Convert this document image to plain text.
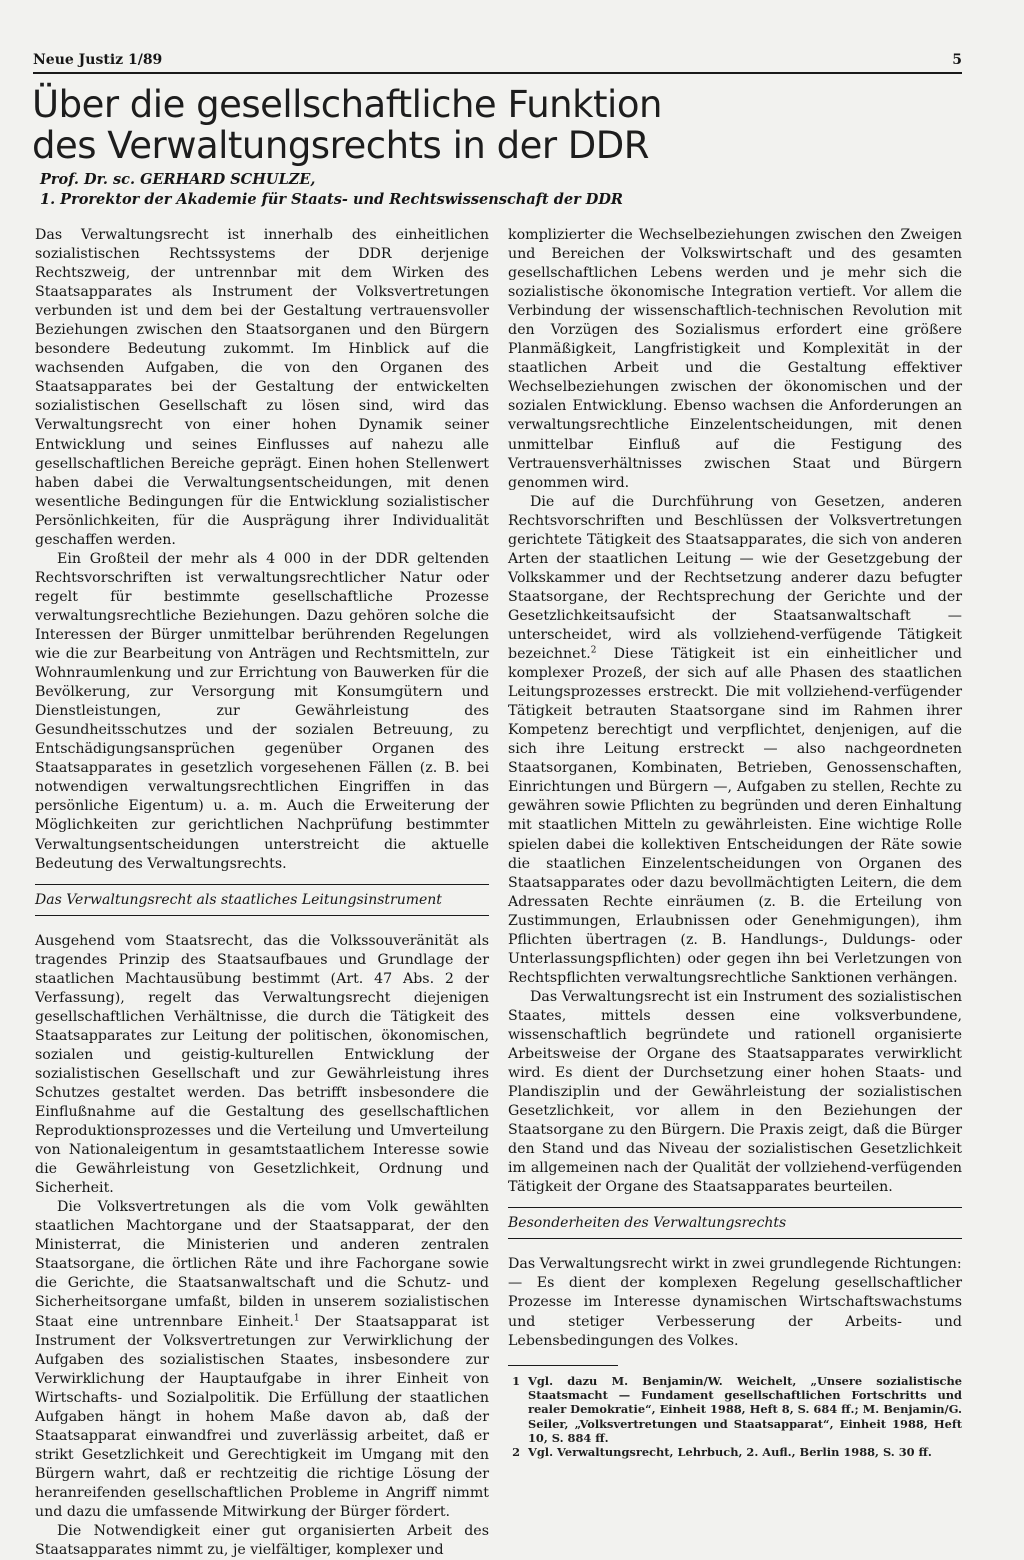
Neue Justiz 1/89	5
Über die gesellschaftliche Funktion
des Verwaltungsrechts in der DDR
Prof. Dr. sc. GERHARD SCHULZE,
1. Prorektor der Akademie für Staats- und Rechtswissenschaft der DDR

Das Verwaltungsrecht ist innerhalb des einheitlichen sozialistischen Rechtssystems der DDR derjenige Rechtszweig, der untrennbar mit dem Wirken des Staatsapparates als Instrument der Volksvertretungen verbunden ist und dem bei der Gestaltung vertrauensvoller Beziehungen zwischen den Staatsorganen und den Bürgern besondere Bedeutung zukommt. Im Hinblick auf die wachsenden Aufgaben, die von den Organen des Staatsapparates bei der Gestaltung der entwickelten sozialistischen Gesellschaft zu lösen sind, wird das Verwaltungsrecht von einer hohen Dynamik seiner Entwicklung und seines Einflusses auf nahezu alle gesellschaftlichen Bereiche geprägt. Einen hohen Stellenwert haben dabei die Verwaltungsentscheidungen, mit denen wesentliche Bedingungen für die Entwicklung sozialistischer Persönlichkeiten, für die Ausprägung ihrer Individualität geschaffen werden.

Ein Großteil der mehr als 4 000 in der DDR geltenden Rechtsvorschriften ist verwaltungsrechtlicher Natur oder regelt für bestimmte gesellschaftliche Prozesse verwaltungsrechtliche Beziehungen. Dazu gehören solche die Interessen der Bürger unmittelbar berührenden Regelungen wie die zur Bearbeitung von Anträgen und Rechtsmitteln, zur Wohnraumlenkung und zur Errichtung von Bauwerken für die Bevölkerung, zur Versorgung mit Konsumgütern und Dienstleistungen, zur Gewährleistung des Gesundheitsschutzes und der sozialen Betreuung, zu Entschädigungsansprüchen gegenüber Organen des Staatsapparates in gesetzlich vorgesehenen Fällen (z. B. bei notwendigen verwaltungsrechtlichen Eingriffen in das persönliche Eigentum) u. a. m. Auch die Erweiterung der Möglichkeiten zur gerichtlichen Nachprüfung bestimmter Verwaltungsentscheidungen unterstreicht die aktuelle Bedeutung des Verwaltungsrechts.

Das Verwaltungsrecht als staatliches Leitungsinstrument

Ausgehend vom Staatsrecht, das die Volkssouveränität als tragendes Prinzip des Staatsaufbaues und Grundlage der staatlichen Machtausübung bestimmt (Art. 47 Abs. 2 der Verfassung), regelt das Verwaltungsrecht diejenigen gesellschaftlichen Verhältnisse, die durch die Tätigkeit des Staatsapparates zur Leitung der politischen, ökonomischen, sozialen und geistig-kulturellen Entwicklung der sozialistischen Gesellschaft und zur Gewährleistung ihres Schutzes gestaltet werden. Das betrifft insbesondere die Einflußnahme auf die Gestaltung des gesellschaftlichen Reproduktionsprozesses und die Verteilung und Umverteilung von Nationaleigentum in gesamtstaatlichem Interesse sowie die Gewährleistung von Gesetzlichkeit, Ordnung und Sicherheit.

Die Volksvertretungen als die vom Volk gewählten staatlichen Machtorgane und der Staatsapparat, der den Ministerrat, die Ministerien und anderen zentralen Staatsorgane, die örtlichen Räte und ihre Fachorgane sowie die Gerichte, die Staatsanwaltschaft und die Schutz- und Sicherheitsorgane umfaßt, bilden in unserem sozialistischen Staat eine untrennbare Einheit.$^1$ Der Staatsapparat ist Instrument der Volksvertretungen zur Verwirklichung der Aufgaben des sozialistischen Staates, insbesondere zur Verwirklichung der Hauptaufgabe in ihrer Einheit von Wirtschafts- und Sozialpolitik. Die Erfüllung der staatlichen Aufgaben hängt in hohem Maße davon ab, daß der Staatsapparat einwandfrei und zuverlässig arbeitet, daß er strikt Gesetzlichkeit und Gerechtigkeit im Umgang mit den Bürgern wahrt, daß er rechtzeitig die richtige Lösung der heranreifenden gesellschaftlichen Probleme in Angriff nimmt und dazu die umfassende Mitwirkung der Bürger fördert.

Die Notwendigkeit einer gut organisierten Arbeit des Staatsapparates nimmt zu, je vielfältiger, komplexer und

komplizierter die Wechselbeziehungen zwischen den Zweigen und Bereichen der Volkswirtschaft und des gesamten gesellschaftlichen Lebens werden und je mehr sich die sozialistische ökonomische Integration vertieft. Vor allem die Verbindung der wissenschaftlich-technischen Revolution mit den Vorzügen des Sozialismus erfordert eine größere Planmäßigkeit, Langfristigkeit und Komplexität in der staatlichen Arbeit und die Gestaltung effektiver Wechselbeziehungen zwischen der ökonomischen und der sozialen Entwicklung. Ebenso wachsen die Anforderungen an verwaltungsrechtliche Einzelentscheidungen, mit denen unmittelbar Einfluß auf die Festigung des Vertrauensverhältnisses zwischen Staat und Bürgern genommen wird.

Die auf die Durchführung von Gesetzen, anderen Rechtsvorschriften und Beschlüssen der Volksvertretungen gerichtete Tätigkeit des Staatsapparates, die sich von anderen Arten der staatlichen Leitung — wie der Gesetzgebung der Volkskammer und der Rechtsetzung anderer dazu befugter Staatsorgane, der Rechtsprechung der Gerichte und der Gesetzlichkeitsaufsicht der Staatsanwaltschaft — unterscheidet, wird als vollziehend-verfügende Tätigkeit bezeichnet.$^2$ Diese Tätigkeit ist ein einheitlicher und komplexer Prozeß, der sich auf alle Phasen des staatlichen Leitungsprozesses erstreckt. Die mit vollziehend-verfügender Tätigkeit betrauten Staatsorgane sind im Rahmen ihrer Kompetenz berechtigt und verpflichtet, denjenigen, auf die sich ihre Leitung erstreckt — also nachgeordneten Staatsorganen, Kombinaten, Betrieben, Genossenschaften, Einrichtungen und Bürgern —, Aufgaben zu stellen, Rechte zu gewähren sowie Pflichten zu begründen und deren Einhaltung mit staatlichen Mitteln zu gewährleisten. Eine wichtige Rolle spielen dabei die kollektiven Entscheidungen der Räte sowie die staatlichen Einzelentscheidungen von Organen des Staatsapparates oder dazu bevollmächtigten Leitern, die dem Adressaten Rechte einräumen (z. B. die Erteilung von Zustimmungen, Erlaubnissen oder Genehmigungen), ihm Pflichten übertragen (z. B. Handlungs-, Duldungs- oder Unterlassungspflichten) oder gegen ihn bei Verletzungen von Rechtspflichten verwaltungsrechtliche Sanktionen verhängen.

Das Verwaltungsrecht ist ein Instrument des sozialistischen Staates, mittels dessen eine volksverbundene, wissenschaftlich begründete und rationell organisierte Arbeitsweise der Organe des Staatsapparates verwirklicht wird. Es dient der Durchsetzung einer hohen Staats- und Plandisziplin und der Gewährleistung der sozialistischen Gesetzlichkeit, vor allem in den Beziehungen der Staatsorgane zu den Bürgern. Die Praxis zeigt, daß die Bürger den Stand und das Niveau der sozialistischen Gesetzlichkeit im allgemeinen nach der Qualität der vollziehend-verfügenden Tätigkeit der Organe des Staatsapparates beurteilen.

Besonderheiten des Verwaltungsrechts

Das Verwaltungsrecht wirkt in zwei grundlegende Richtungen:

— Es dient der komplexen Regelung gesellschaftlicher Prozesse im Interesse dynamischen Wirtschaftswachstums und stetiger Verbesserung der Arbeits- und Lebensbedingungen des Volkes.

1 Vgl. dazu M. Benjamin/W. Weichelt, „Unsere sozialistische Staatsmacht — Fundament gesellschaftlichen Fortschritts und realer Demokratie“, Einheit 1988, Heft 8, S. 684 ff.; M. Benjamin/G. Seiler, „Volksvertretungen und Staatsapparat“, Einheit 1988, Heft 10, S. 884 ff.
2 Vgl. Verwaltungsrecht, Lehrbuch, 2. Aufl., Berlin 1988, S. 30 ff.
